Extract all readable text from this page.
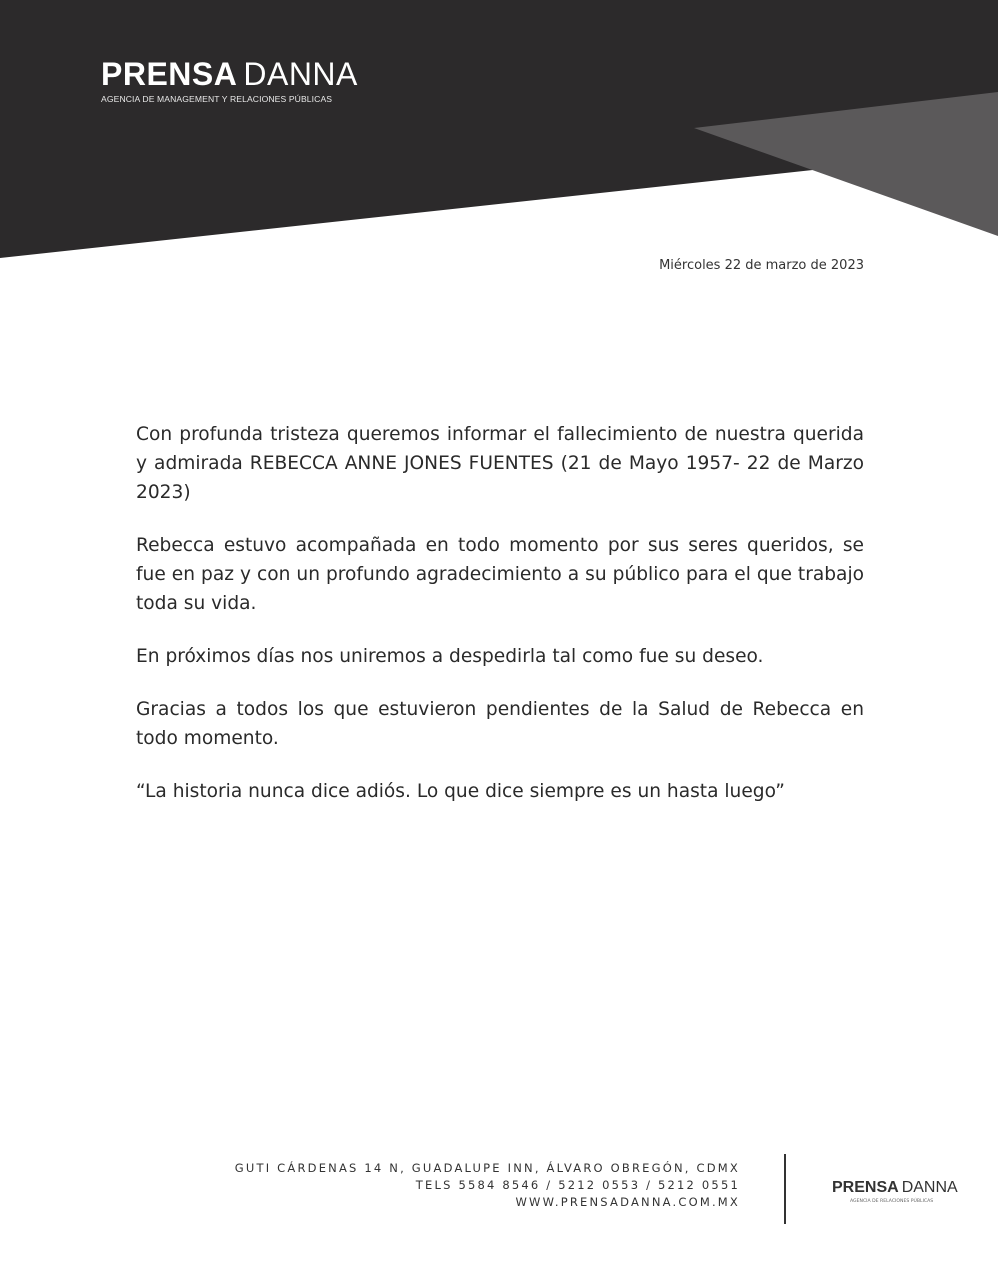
PRENSA DANNA
AGENCIA DE MANAGEMENT Y RELACIONES PÚBLICAS
Miércoles 22 de marzo de 2023

Con profunda tristeza queremos informar el fallecimiento de nuestra querida y admirada REBECCA ANNE JONES FUENTES (21 de Mayo 1957- 22 de Marzo 2023)

Rebecca estuvo acompañada en todo momento por sus seres queridos, se fue en paz y con un profundo agradecimiento a su público para el que trabajo toda su vida.

En próximos días nos uniremos a despedirla tal como fue su deseo.

Gracias a todos los que estuvieron pendientes de la Salud de Rebecca en todo momento.

“La historia nunca dice adiós. Lo que dice siempre es un hasta luego”

GUTI CÁRDENAS 14 N, GUADALUPE INN, ÁLVARO OBREGÓN, CDMX
TELS 5584 8546 / 5212 0553 / 5212 0551
WWW.PRENSADANNA.COM.MX
PRENSA DANNA
AGENCIA DE RELACIONES PÚBLICAS
